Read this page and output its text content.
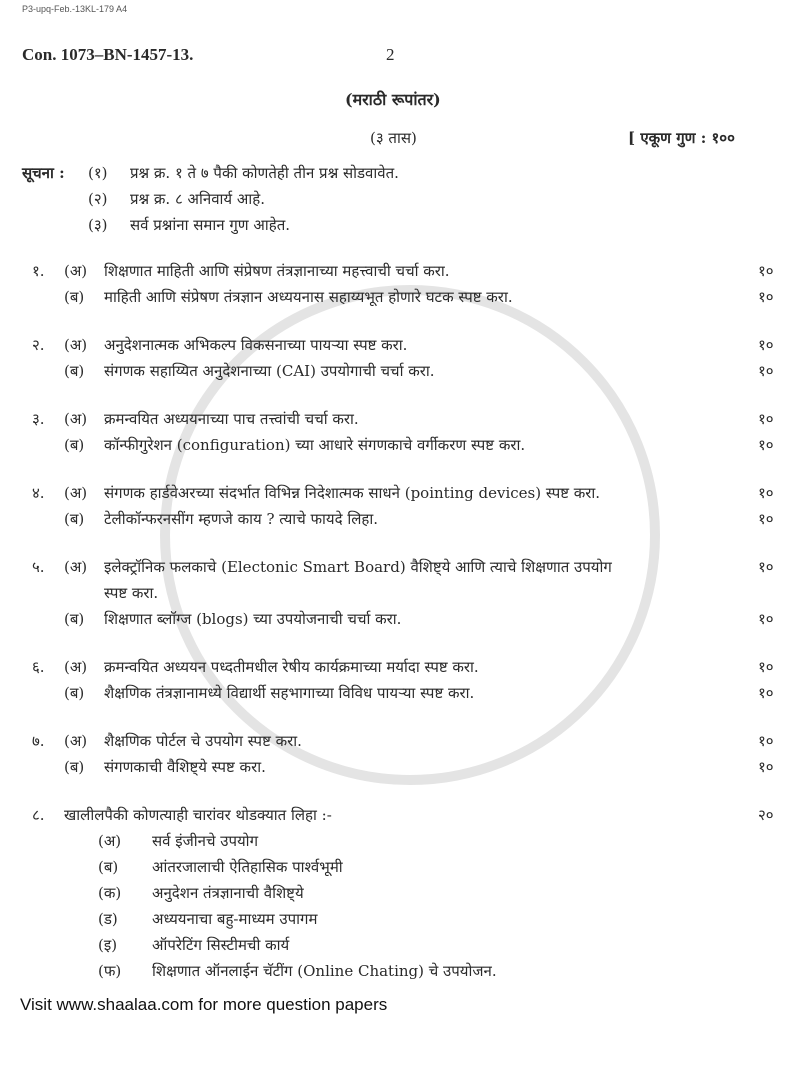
P3-upq-Feb.-13KL-179 A4
Con. 1073–BN-1457-13.	2
(मराठी रूपांतर)
(३ तास)	[ एकूण गुण : १००
सूचना :	(१)	प्रश्न क्र. १ ते ७ पैकी कोणतेही तीन प्रश्न सोडवावेत.
(२)	प्रश्न क्र. ८ अनिवार्य आहे.
(३)	सर्व प्रश्नांना समान गुण आहेत.
१.	(अ)	शिक्षणात माहिती आणि संप्रेषण तंत्रज्ञानाच्या महत्त्वाची चर्चा करा.	१०
(ब)	माहिती आणि संप्रेषण तंत्रज्ञान अध्ययनास सहाय्यभूत होणारे घटक स्पष्ट करा.	१०
२.	(अ)	अनुदेशनात्मक अभिकल्प विकसनाच्या पायऱ्या स्पष्ट करा.	१०
(ब)	संगणक सहाय्यित अनुदेशनाच्या (CAI) उपयोगाची चर्चा करा.	१०
३.	(अ)	क्रमन्वयित अध्ययनाच्या पाच तत्त्वांची चर्चा करा.	१०
(ब)	कॉन्फीगुरेशन (configuration) च्या आधारे संगणकाचे वर्गीकरण स्पष्ट करा.	१०
४.	(अ)	संगणक हार्डवेअरच्या संदर्भात विभिन्न निदेशात्मक साधने (pointing devices) स्पष्ट करा.	१०
(ब)	टेलीकॉन्फरनसींग म्हणजे काय ? त्याचे फायदे लिहा.	१०
५.	(अ)	इलेक्ट्रॉनिक फलकाचे (Electonic Smart Board) वैशिष्ट्ये आणि त्याचे शिक्षणात उपयोग
स्पष्ट करा.
१०
(ब)	शिक्षणात ब्लॉग्ज (blogs) च्या उपयोजनाची चर्चा करा.	१०
६.	(अ)	क्रमन्वयित अध्ययन पध्दतीमधील रेषीय कार्यक्रमाच्या मर्यादा स्पष्ट करा.	१०
(ब)	शैक्षणिक तंत्रज्ञानामध्ये विद्यार्थी सहभागाच्या विविध पायऱ्या स्पष्ट करा.	१०
७.	(अ)	शैक्षणिक पोर्टल चे उपयोग स्पष्ट करा.	१०
(ब)	संगणकाची वैशिष्ट्ये स्पष्ट करा.	१०
८.	खालीलपैकी कोणत्याही चारांवर थोडक्यात लिहा :-	२०
(अ)	सर्व इंजीनचे उपयोग
(ब)	आंतरजालाची ऐतिहासिक पार्श्वभूमी
(क)	अनुदेशन तंत्रज्ञानाची वैशिष्ट्ये
(ड)	अध्ययनाचा बहु-माध्यम उपागम
(इ)	ऑपरेटिंग सिस्टीमची कार्य
(फ)	शिक्षणात ऑनलाईन चॅटींग (Online Chating) चे उपयोजन.
Visit www.shaalaa.com for more question papers
